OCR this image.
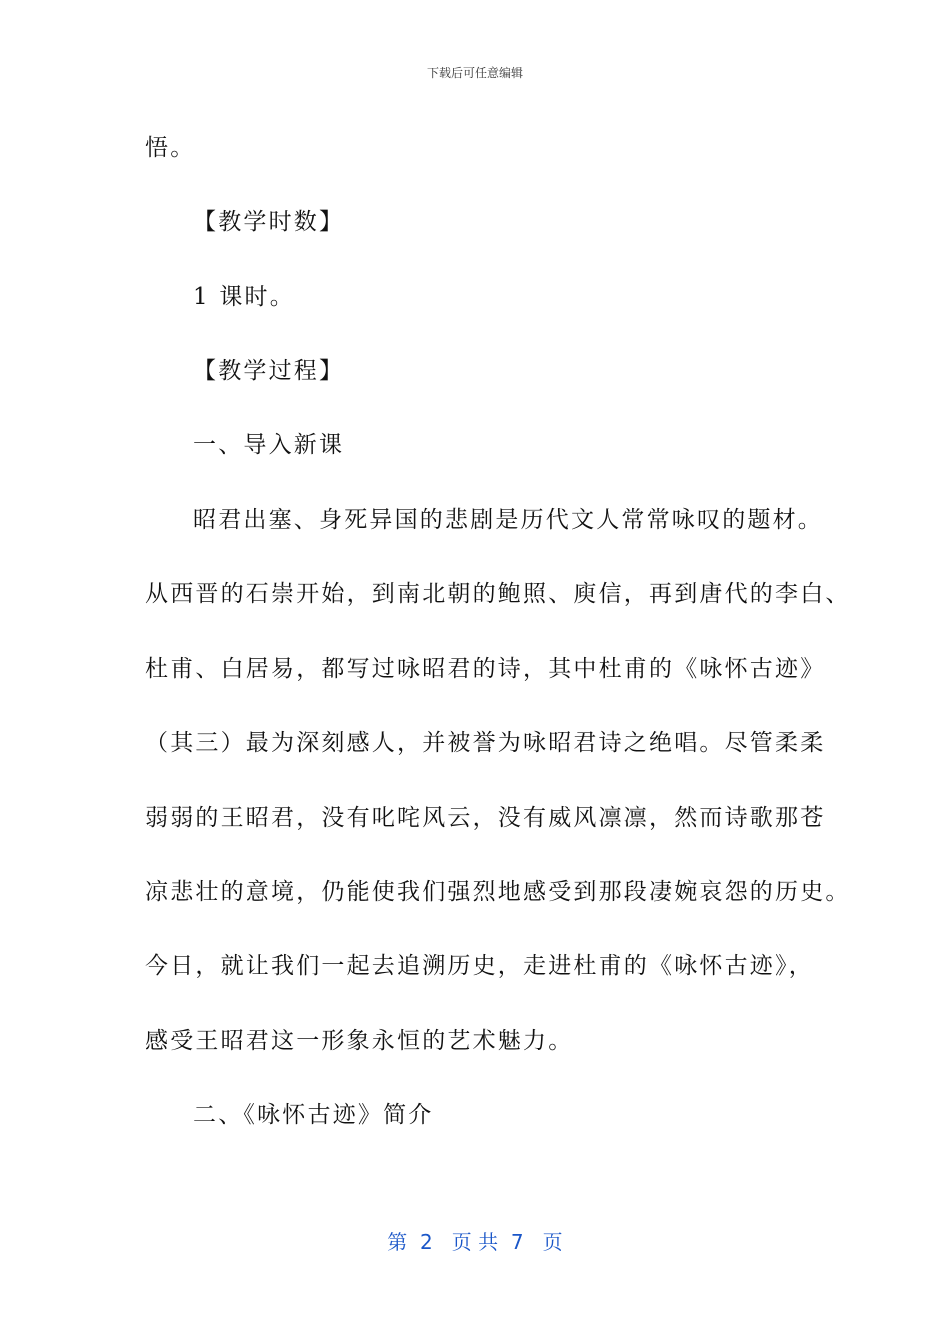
下载后可任意编辑
悟。
【教学时数】
1 课时。
【教学过程】
一、导入新课
昭君出塞、身死异国的悲剧是历代文人常常咏叹的题材。
从西晋的石崇开始，到南北朝的鲍照、庾信，再到唐代的李白、
杜甫、白居易，都写过咏昭君的诗，其中杜甫的《咏怀古迹》
（其三）最为深刻感人，并被誉为咏昭君诗之绝唱。尽管柔柔
弱弱的王昭君，没有叱咤风云，没有威风凛凛，然而诗歌那苍
凉悲壮的意境，仍能使我们强烈地感受到那段凄婉哀怨的历史。
今日，就让我们一起去追溯历史，走进杜甫的《咏怀古迹》，
感受王昭君这一形象永恒的艺术魅力。
二、《咏怀古迹》简介
第  2   页 共  7   页
